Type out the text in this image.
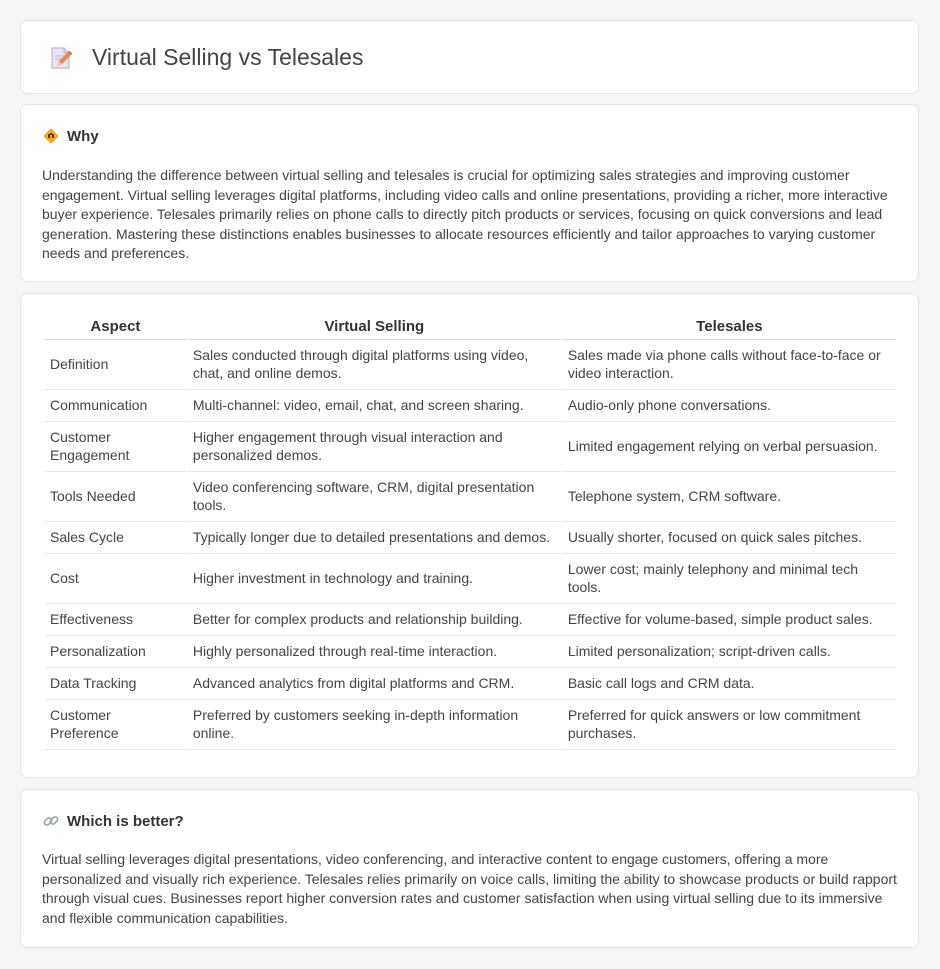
Virtual Selling vs Telesales
Why

Understanding the difference between virtual selling and telesales is crucial for optimizing sales strategies and improving customer engagement. Virtual selling leverages digital platforms, including video calls and online presentations, providing a richer, more interactive buyer experience. Telesales primarily relies on phone calls to directly pitch products or services, focusing on quick conversions and lead generation. Mastering these distinctions enables businesses to allocate resources efficiently and tailor approaches to varying customer needs and preferences.

Aspect	Virtual Selling	Telesales
Definition	Sales conducted through digital platforms using video, chat, and online demos.	Sales made via phone calls without face-to-face or video interaction.
Communication	Multi-channel: video, email, chat, and screen sharing.	Audio-only phone conversations.
Customer Engagement	Higher engagement through visual interaction and personalized demos.	Limited engagement relying on verbal persuasion.
Tools Needed	Video conferencing software, CRM, digital presentation tools.	Telephone system, CRM software.
Sales Cycle	Typically longer due to detailed presentations and demos.	Usually shorter, focused on quick sales pitches.
Cost	Higher investment in technology and training.	Lower cost; mainly telephony and minimal tech tools.
Effectiveness	Better for complex products and relationship building.	Effective for volume-based, simple product sales.
Personalization	Highly personalized through real-time interaction.	Limited personalization; script-driven calls.
Data Tracking	Advanced analytics from digital platforms and CRM.	Basic call logs and CRM data.
Customer Preference	Preferred by customers seeking in-depth information online.	Preferred for quick answers or low commitment purchases.
Which is better?

Virtual selling leverages digital presentations, video conferencing, and interactive content to engage customers, offering a more personalized and visually rich experience. Telesales relies primarily on voice calls, limiting the ability to showcase products or build rapport through visual cues. Businesses report higher conversion rates and customer satisfaction when using virtual selling due to its immersive and flexible communication capabilities.
